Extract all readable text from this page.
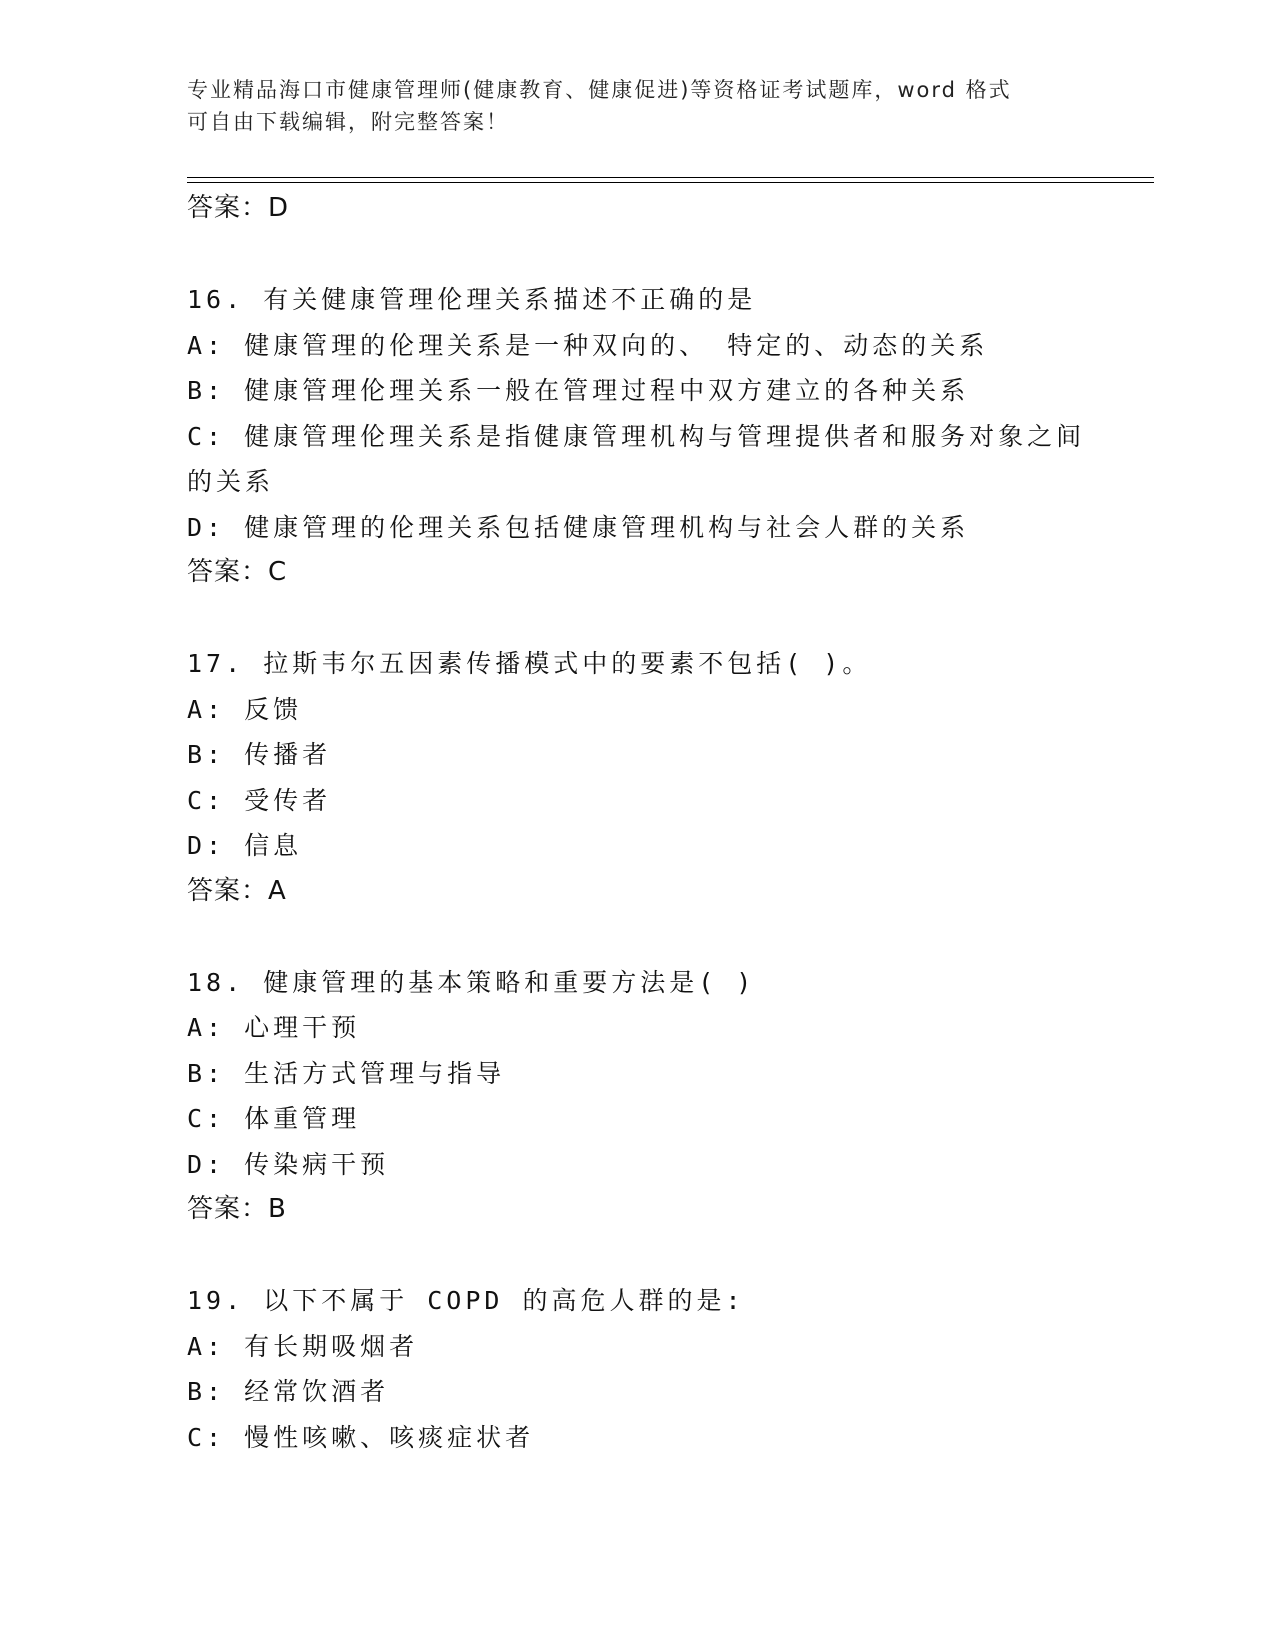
专业精品海口市健康管理师(健康教育、健康促进)等资格证考试题库，word 格式
可自由下载编辑，附完整答案！
答案：D
16. 有关健康管理伦理关系描述不正确的是
A: 健康管理的伦理关系是一种双向的、 特定的、动态的关系
B: 健康管理伦理关系一般在管理过程中双方建立的各种关系
C: 健康管理伦理关系是指健康管理机构与管理提供者和服务对象之间
的关系
D: 健康管理的伦理关系包括健康管理机构与社会人群的关系
答案：C
17. 拉斯韦尔五因素传播模式中的要素不包括( )。
A: 反馈
B: 传播者
C: 受传者
D: 信息
答案：A
18. 健康管理的基本策略和重要方法是( )
A: 心理干预
B: 生活方式管理与指导
C: 体重管理
D: 传染病干预
答案：B
19. 以下不属于 COPD 的高危人群的是:
A: 有长期吸烟者
B: 经常饮酒者
C: 慢性咳嗽、咳痰症状者
